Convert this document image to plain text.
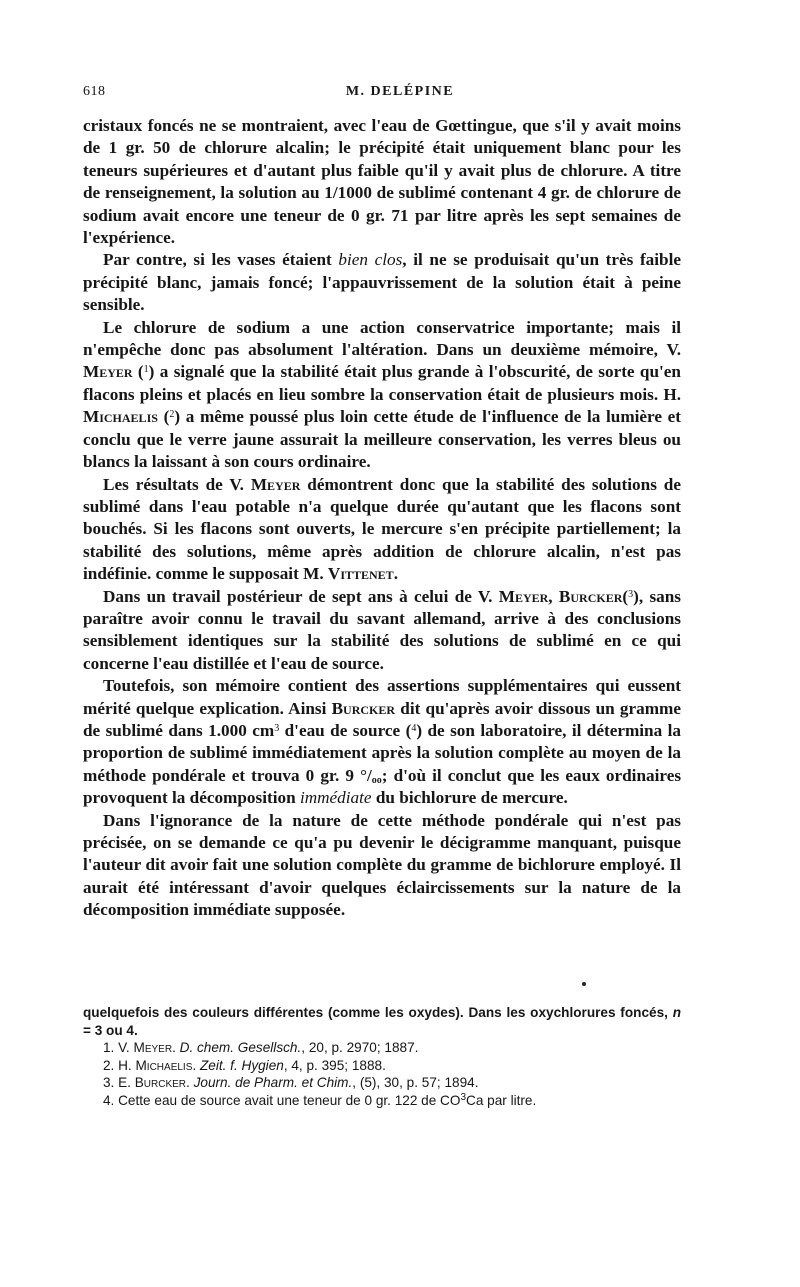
618	M. DELÉPINE

cristaux foncés ne se montraient, avec l'eau de Gœttingue, que s'il y avait moins de 1 gr. 50 de chlorure alcalin; le précipité était uniquement blanc pour les teneurs supérieures et d'autant plus faible qu'il y avait plus de chlorure. A titre de renseignement, la solution au 1/1000 de sublimé contenant 4 gr. de chlorure de sodium avait encore une teneur de 0 gr. 71 par litre après les sept semaines de l'expérience.

Par contre, si les vases étaient bien clos, il ne se produisait qu'un très faible précipité blanc, jamais foncé; l'appauvrissement de la solution était à peine sensible.

Le chlorure de sodium a une action conservatrice importante; mais il n'empêche donc pas absolument l'altération. Dans un deuxième mémoire, V. Meyer ($^1$) a signalé que la stabilité était plus grande à l'obscurité, de sorte qu'en flacons pleins et placés en lieu sombre la conservation était de plusieurs mois. H. Michaelis ($^2$) a même poussé plus loin cette étude de l'influence de la lumière et conclu que le verre jaune assurait la meilleure conservation, les verres bleus ou blancs la laissant à son cours ordinaire.

Les résultats de V. Meyer démontrent donc que la stabilité des solutions de sublimé dans l'eau potable n'a quelque durée qu'autant que les flacons sont bouchés. Si les flacons sont ouverts, le mercure s'en précipite partiellement; la stabilité des solutions, même après addition de chlorure alcalin, n'est pas indéfinie. comme le supposait M. Vittenet.

Dans un travail postérieur de sept ans à celui de V. Meyer, Burcker($^3$), sans paraître avoir connu le travail du savant allemand, arrive à des conclusions sensiblement identiques sur la stabilité des solutions de sublimé en ce qui concerne l'eau distillée et l'eau de source.

Toutefois, son mémoire contient des assertions supplémentaires qui eussent mérité quelque explication. Ainsi Burcker dit qu'après avoir dissous un gramme de sublimé dans 1.000 $cm^3$ d'eau de source ($^4$) de son laboratoire, il détermina la proportion de sublimé immédiatement après la solution complète au moyen de la méthode pondérale et trouva 0 gr. 9 $^\circ/_{oo}$; d'où il conclut que les eaux ordinaires provoquent la décomposition immédiate du bichlorure de mercure.

Dans l'ignorance de la nature de cette méthode pondérale qui n'est pas précisée, on se demande ce qu'a pu devenir le décigramme manquant, puisque l'auteur dit avoir fait une solution complète du gramme de bichlorure employé. Il aurait été intéressant d'avoir quelques éclaircissements sur la nature de la décomposition immédiate supposée.

quelquefois des couleurs différentes (comme les oxydes). Dans les oxychlorures foncés, n = 3 ou 4.

1. V. Meyer. D. chem. Gesellsch., 20, p. 2970; 1887.

2. H. Michaelis. Zeit. f. Hygien, 4, p. 395; 1888.

3. E. Burcker. Journ. de Pharm. et Chim., (5), 30, p. 57; 1894.

4. Cette eau de source avait une teneur de 0 gr. 122 de $CO^3Ca$ par litre.
